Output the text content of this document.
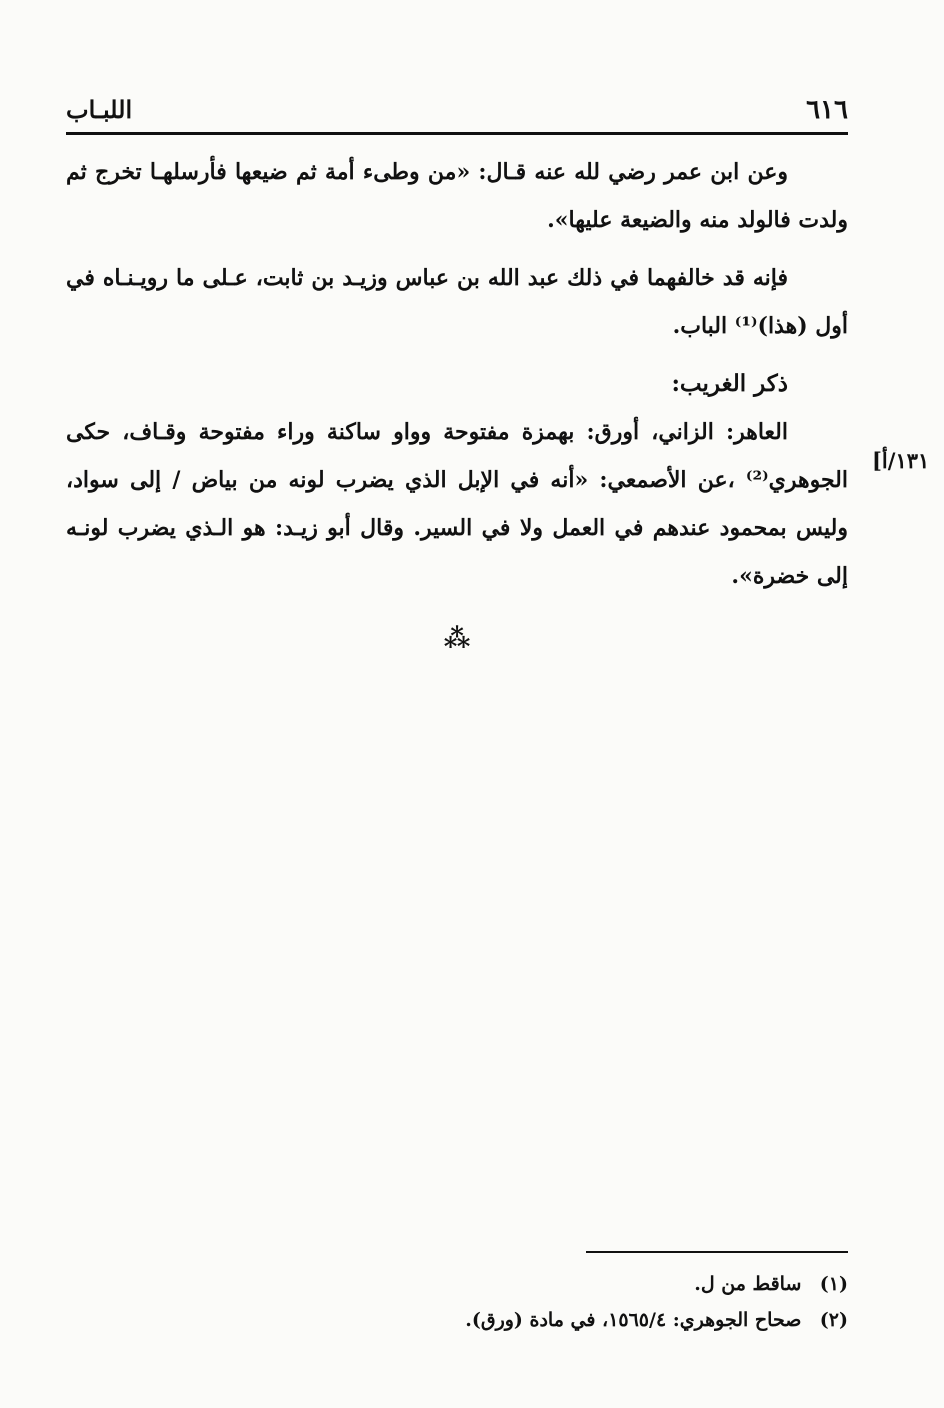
٦١٦
اللبـاب

وعن ابن عمر رضي لله عنه قـال: «من وطىء أمة ثم ضيعها فأرسلهـا تخرج ثم ولدت فالولد منه والضيعة عليها».

فإنه قد خالفهما في ذلك عبد الله بن عباس وزيـد بن ثابت، عـلى ما رويـنـاه في أول (هذا)⁽¹⁾ الباب.

ذكر الغريب:

العاهر: الزاني، أورق: بهمزة مفتوحة وواو ساكنة وراء مفتوحة وقـاف، حكى الجوهري⁽²⁾ ،عن الأصمعي: «أنه في الإبل الذي يضرب لونه من بياض / إلى سواد، وليس بمحمود عندهم في العمل ولا في السير. وقال أبو زيـد: هو الـذي يضرب لونـه إلى خضرة».

١٣١/أ]
⁂
(١) ساقط من ل.
(٢) صحاح الجوهري: ١٥٦٥/٤، في مادة (ورق).
